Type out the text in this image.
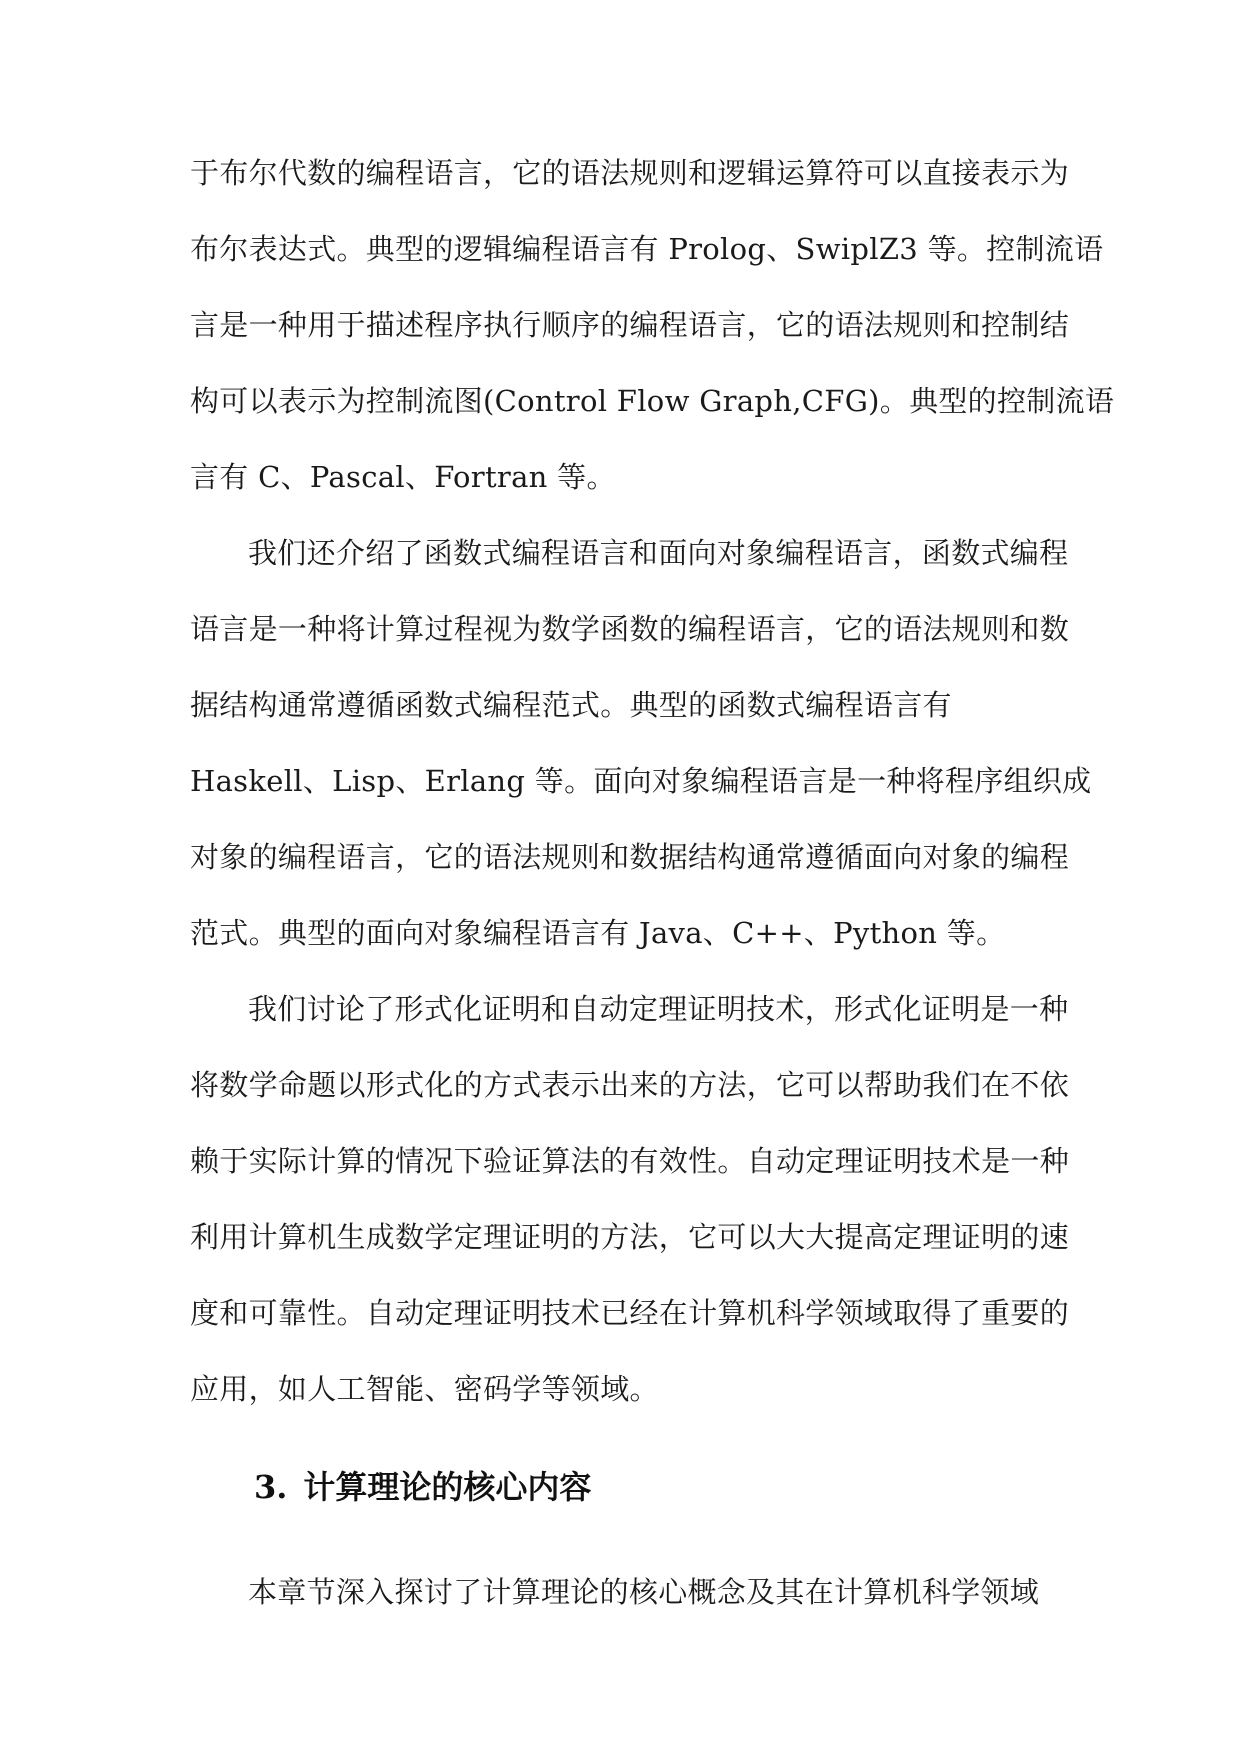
于布尔代数的编程语言，它的语法规则和逻辑运算符可以直接表示为
布尔表达式。典型的逻辑编程语言有 Prolog、SwiplZ3 等。控制流语
言是一种用于描述程序执行顺序的编程语言，它的语法规则和控制结
构可以表示为控制流图(Control Flow Graph,CFG)。典型的控制流语
言有 C、Pascal、Fortran 等。
我们还介绍了函数式编程语言和面向对象编程语言，函数式编程
语言是一种将计算过程视为数学函数的编程语言，它的语法规则和数
据结构通常遵循函数式编程范式。典型的函数式编程语言有
Haskell、Lisp、Erlang 等。面向对象编程语言是一种将程序组织成
对象的编程语言，它的语法规则和数据结构通常遵循面向对象的编程
范式。典型的面向对象编程语言有 Java、C++、Python 等。
我们讨论了形式化证明和自动定理证明技术，形式化证明是一种
将数学命题以形式化的方式表示出来的方法，它可以帮助我们在不依
赖于实际计算的情况下验证算法的有效性。自动定理证明技术是一种
利用计算机生成数学定理证明的方法，它可以大大提高定理证明的速
度和可靠性。自动定理证明技术已经在计算机科学领域取得了重要的
应用，如人工智能、密码学等领域。
3. 计算理论的核心内容
本章节深入探讨了计算理论的核心概念及其在计算机科学领域
